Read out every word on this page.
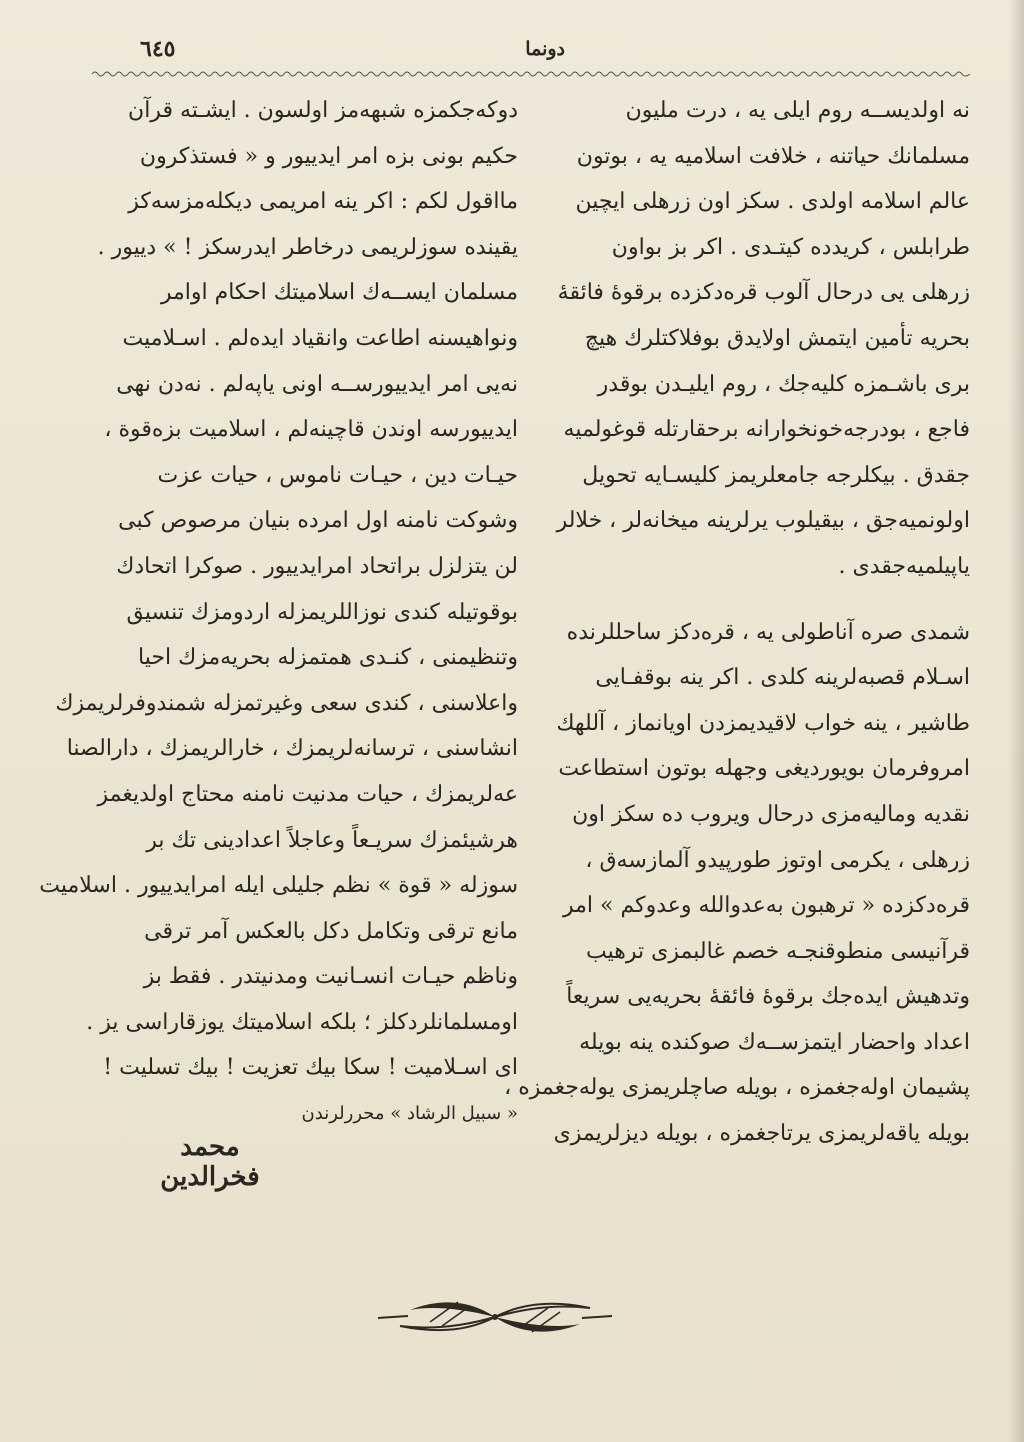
دونما
٦٤٥

نه اولدیســه روم ایلی یه ، درت ملیون
مسلمانك حیاتنه ، خلافت اسلامیه یه ، بوتون
عالم اسلامه اولدی . سکز اون زرهلی ایچین
طرابلس ، کریدده کیتـدی . اکر بز بواون
زرهلی یی درحال آلوب قره‌دکزده برقوۀ فائقۀ
بحریه تأمین ایتمش اولایدق بوفلاکتلرك هیچ
بری باشـمزه کلیه‌جك ، روم ایلیـدن بوقدر
فاجع ، بودرجه‌خونخوارانه برحقارتله قوغولمیه‌
جقدق . بیکلرجه جامعلریمز کلیسـایه تحویل
اولونمیه‌جق ، بیقیلوب یرلرینه میخانه‌لر ، خلالر
یاپیلمیه‌جقدی .

شمدی صره آناطولی یه ، قره‌دکز ساحللرنده
اسـلام قصبه‌لرینه کلدی . اکر ینه بوقفـایی
طاشیر ، ینه خواب لاقیدیمزدن اویانماز ، آللهك
امروفرمان بویوردیغی وجهله بوتون استطاعت
نقدیه ومالیه‌مزی درحال ویروب ده سکز اون
زرهلی ، یکرمی اوتوز طورپیدو آلمازسه‌ق ،
قره‌دکزده « ترهبون به‌عدوالله وعدوکم » امر
قرآنیسی منطوقنجـه خصم غالبمزی ترهیب
وتدهیش ایده‌جك برقوۀ فائقۀ بحریه‌یی سریعاً
اعداد واحضار ایتمزســه‌ك صوکنده ینه بویله
پشیمان اوله‌جغمزه ، بویله صاچلریمزی یوله‌جغمزه ،
بویله یاقه‌لریمزی یرتاجغمزه ، بویله دیزلریمزی

دوکه‌جکمزه شبهه‌مز اولسون . ایشـته قرآن
حکیم بونی بزه امر ایدییور و « فستذکرون
مااقول لکم : اکر ینه امریمی دیکله‌مزسه‌کز
یقینده سوزلریمی درخاطر ایدرسکز ! » دییور .

مسلمان ایســه‌ك اسلامیتك احکام اوامر
ونواهیسنه اطاعت وانقیاد ایده‌لم . اسـلامیت
نه‌یی امر ایدییورســه اونی یاپه‌لم . نه‌دن نهی
ایدییورسه اوندن قاچینه‌لم ، اسلامیت بزه‌قوة ،
حیـات دین ، حیـات ناموس ، حیات عزت
وشوکت نامنه اول امرده بنیان مرصوص کبی
لن یتزلزل براتحاد امرایدییور . صوکرا اتحادك
بوقوتیله کندی نوزاللریمزله اردومزك تنسیق
وتنظیمنی ، کنـدی همتمزله بحریه‌مزك احیا
واعلاسنی ، کندی سعی وغیرتمزله شمندوفرلریمزك
انشاسنی ، ترسانه‌لریمزك ، خارالریمزك ، دارالصنا
عه‌لریمزك ، حیات مدنیت نامنه محتاج اولدیغمز
هرشیئمزك سریـعاً وعاجلاً اعدادینی تك بر
سوزله « قوة » نظم جلیلی ایله امرایدییور . اسلامیت
مانع ترقی وتکامل دکل بالعکس آمر ترقی
وناظم حیـات انسـانیت ومدنیتدر . فقط بز
اومسلمانلردکلز ؛ بلکه اسلامیتك یوزقاراسی یز .
ای اسـلامیت ! سکا بیك تعزیت ! بیك تسلیت !

« سبیل الرشاد » محررلرندن

محمد فخرالدین
